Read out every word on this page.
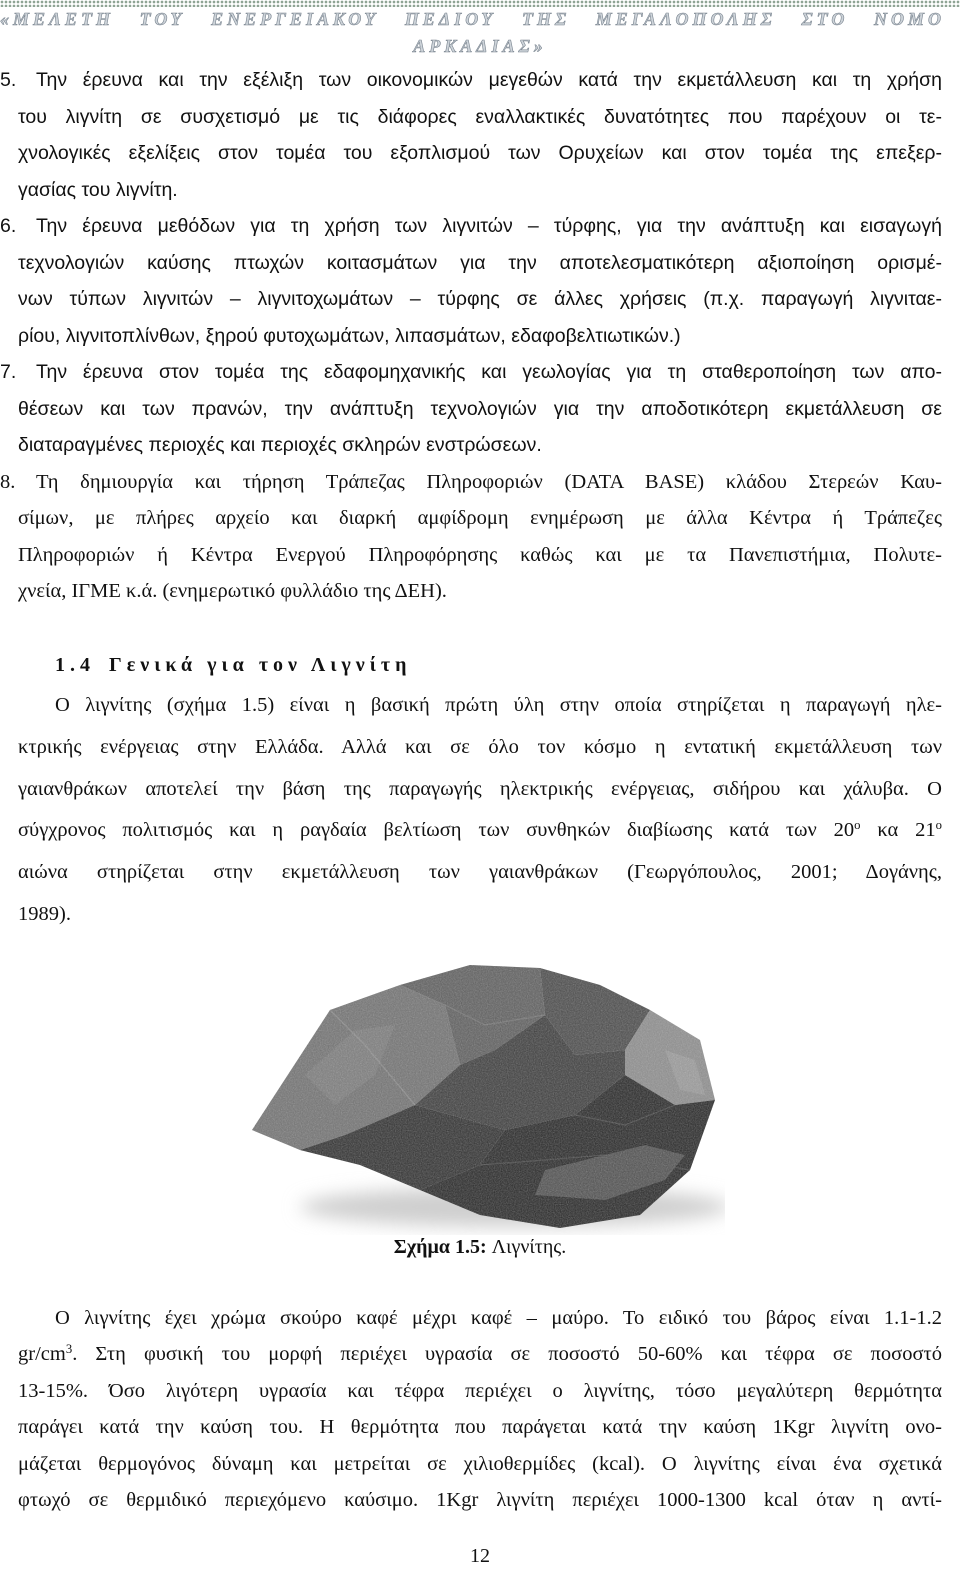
«ΜΕΛΕΤΗ ΤΟΥ ΕΝΕΡΓΕΙΑΚΟΥ ΠΕΔΙΟΥ ΤΗΣ ΜΕΓΑΛΟΠΟΛΗΣ ΣΤΟ ΝΟΜΟ
ΑΡΚΑΔΙΑΣ»
5. Την έρευνα και την εξέλιξη των οικονομικών μεγεθών κατά την εκμετάλλευση και τη χρήση
του λιγνίτη σε συσχετισμό με τις διάφορες εναλλακτικές δυνατότητες που παρέχουν οι τε-
χνολογικές εξελίξεις στον τομέα του εξοπλισμού των Ορυχείων και στον τομέα της επεξερ-
γασίας του λιγνίτη.
6. Την έρευνα μεθόδων για τη χρήση των λιγνιτών – τύρφης, για την ανάπτυξη και εισαγωγή
τεχνολογιών καύσης πτωχών κοιτασμάτων για την αποτελεσματικότερη αξιοποίηση ορισμέ-
νων τύπων λιγνιτών – λιγνιτοχωμάτων – τύρφης σε άλλες χρήσεις (π.χ. παραγωγή λιγνιταε-
ρίου, λιγνιτοπλίνθων, ξηρού φυτοχωμάτων, λιπασμάτων, εδαφοβελτιωτικών.)
7. Την έρευνα στον τομέα της εδαφομηχανικής και γεωλογίας για τη σταθεροποίηση των απο-
θέσεων και των πρανών, την ανάπτυξη τεχνολογιών για την αποδοτικότερη εκμετάλλευση σε
διαταραγμένες περιοχές και περιοχές σκληρών ενστρώσεων.
8. Τη δημιουργία και τήρηση Τράπεζας Πληροφοριών (DATA BASE) κλάδου Στερεών Καυ-
σίμων, με πλήρες αρχείο και διαρκή αμφίδρομη ενημέρωση με άλλα Κέντρα ή Τράπεζες
Πληροφοριών ή Κέντρα Ενεργού Πληροφόρησης καθώς και με τα Πανεπιστήμια, Πολυτε-
χνεία, ΙΓΜΕ κ.ά. (ενημερωτικό φυλλάδιο της ΔΕΗ).
1.4 Γενικά για τον Λιγνίτη
Ο λιγνίτης (σχήμα 1.5) είναι η βασική πρώτη ύλη στην οποία στηρίζεται η παραγωγή ηλε-
κτρικής ενέργειας στην Ελλάδα. Αλλά και σε όλο τον κόσμο η εντατική εκμετάλλευση των
γαιανθράκων αποτελεί την βάση της παραγωγής ηλεκτρικής ενέργειας, σιδήρου και χάλυβα. Ο
σύγχρονος πολιτισμός και η ραγδαία βελτίωση των συνθηκών διαβίωσης κατά των $20^o$ κα $21^o$
αιώνα στηρίζεται στην εκμετάλλευση των γαιανθράκων (Γεωργόπουλος, 2001; Δογάνης,
1989).
Σχήμα 1.5: Λιγνίτης.
Ο λιγνίτης έχει χρώμα σκούρο καφέ μέχρι καφέ – μαύρο. Το ειδικό του βάρος είναι 1.1-1.2
$gr/cm^3$. Στη φυσική του μορφή περιέχει υγρασία σε ποσοστό 50-60% και τέφρα σε ποσοστό
13-15%. Όσο λιγότερη υγρασία και τέφρα περιέχει ο λιγνίτης, τόσο μεγαλύτερη θερμότητα
παράγει κατά την καύση του. Η θερμότητα που παράγεται κατά την καύση 1Kgr λιγνίτη ονο-
μάζεται θερμογόνος δύναμη και μετρείται σε χιλιοθερμίδες (kcal). Ο λιγνίτης είναι ένα σχετικά
φτωχό σε θερμιδικό περιεχόμενο καύσιμο. 1Kgr λιγνίτη περιέχει 1000-1300 kcal όταν η αντί-
12
